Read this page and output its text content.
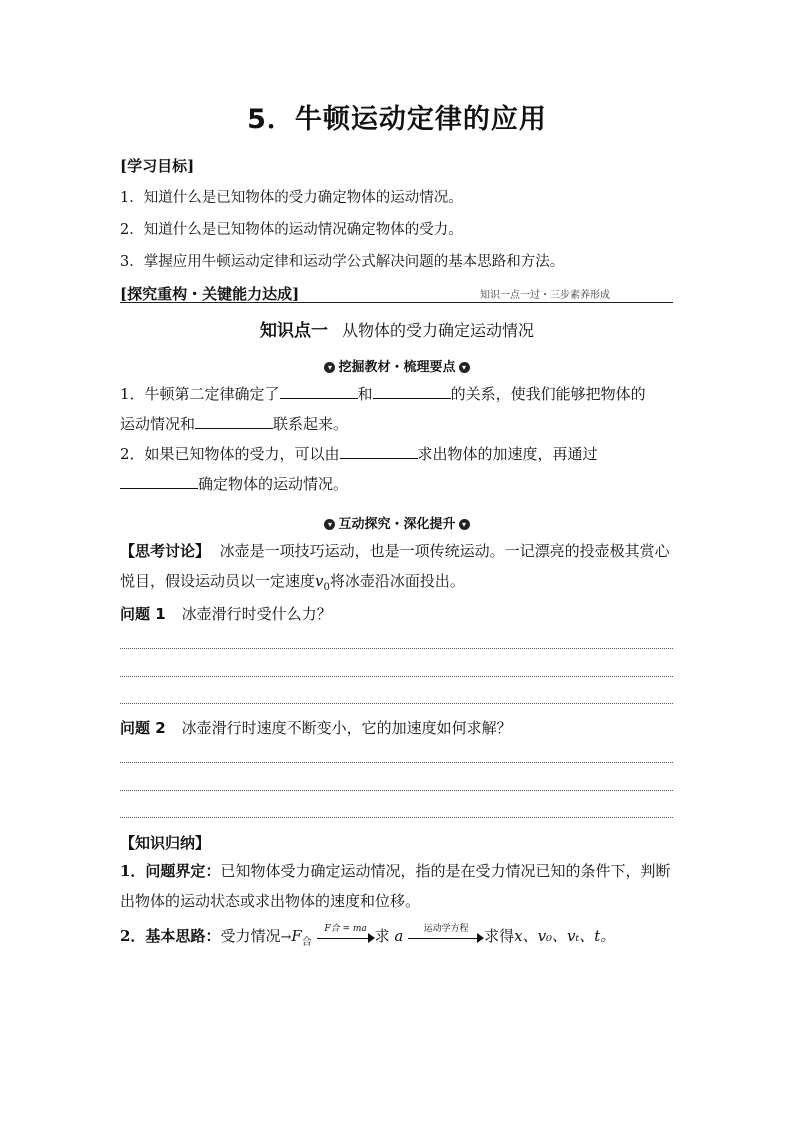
5．牛顿运动定律的应用
[学习目标]
1．知道什么是已知物体的受力确定物体的运动情况。
2．知道什么是已知物体的运动情况确定物体的受力。
3．掌握应用牛顿运动定律和运动学公式解决问题的基本思路和方法。
[探究重构・关键能力达成]	知识一点一过・三步素养形成
知识点一 从物体的受力确定运动情况
▾ 挖掘教材・梳理要点 ▾
1．牛顿第二定律确定了	和	的关系，使我们能够把物体的
运动情况和	联系起来。
2．如果已知物体的受力，可以由	求出物体的加速度，再通过
确定物体的运动情况。
▾ 互动探究・深化提升 ▾
【思考讨论】 冰壶是一项技巧运动，也是一项传统运动。一记漂亮的投壶极其赏心悦目，假设运动员以一定速度$v_0$将冰壶沿冰面投出。
问题 1 冰壶滑行时受什么力？
问题 2 冰壶滑行时速度不断变小，它的加速度如何求解？
【知识归纳】
1．问题界定：已知物体受力确定运动情况，指的是在受力情况已知的条件下，判断出物体的运动状态或求出物体的速度和位移。
2．基本思路：受力情况$\to F_合$
F合 = ma 求 a	运动学方程	求得x、v₀、vₜ、t。
